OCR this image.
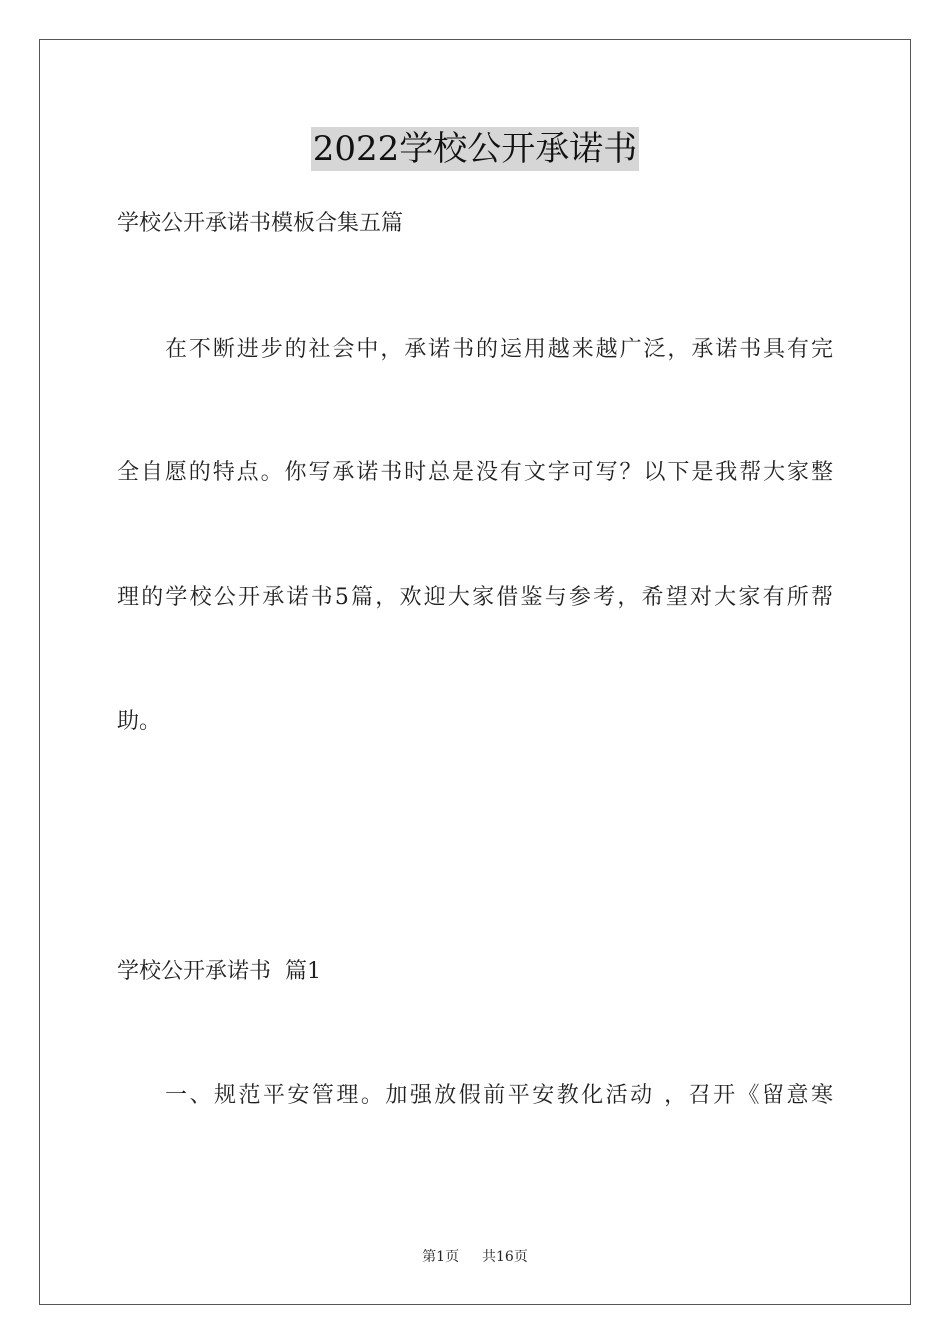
2022学校公开承诺书
学校公开承诺书模板合集五篇
在不断进步的社会中，承诺书的运用越来越广泛，承诺书具有完
全自愿的特点。你写承诺书时总是没有文字可写？以下是我帮大家整
理的学校公开承诺书5篇，欢迎大家借鉴与参考，希望对大家有所帮
助。
学校公开承诺书  篇1
一、规范平安管理。加强放假前平安教化活动 ，召开《留意寒
第1页 共16页
